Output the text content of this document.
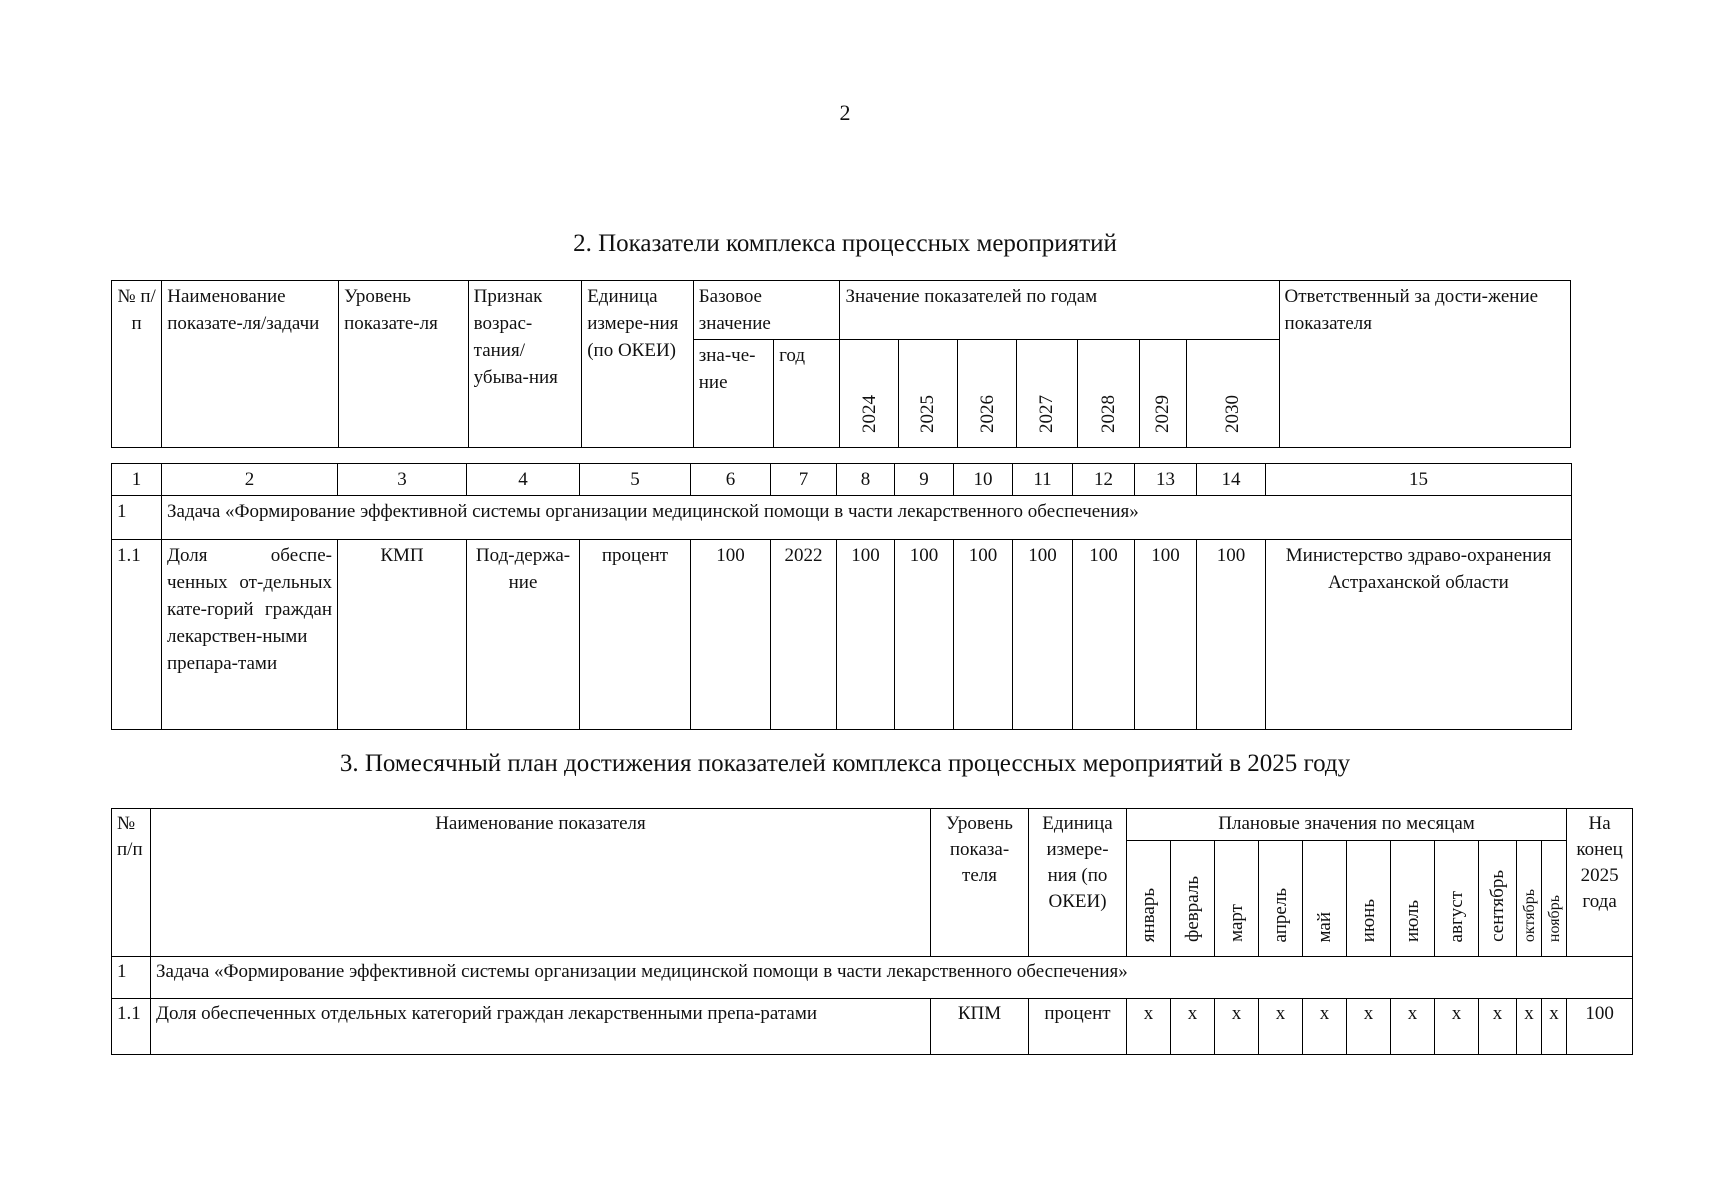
2
2. Показатели комплекса процессных мероприятий
№ п/п	Наименование показате-ля/задачи	Уровень показате-ля	Признак возрас-тания/ убыва-ния	Единица измере-ния (по ОКЕИ)	Базовое значение		Значение показателей по годам							Ответственный за дости-жение показателя
					зна-че-ние	год	2024	2025	2026	2027	2028	2029	2030	
1	2	3	4	5	6	7	8	9	10	11	12	13	14	15
1	Задача «Формирование эффективной системы организации медицинской помощи в части лекарственного обеспечения»													
1.1	Доля обеспе-ченных от-дельных кате-горий граждан лекарствен-ными препара-тами	КМП	Под-держа-ние	процент	100	2022	100	100	100	100	100	100	100	Министерство здраво-охранения Астраханской области
3. Помесячный план достижения показателей комплекса процессных мероприятий в 2025 году
№ п/п	Наименование показателя	Уровень показа-теля	Единица измере-ния (по ОКЕИ)	Плановые значения по месяцам											На конец 2025 года
				январь	февраль	март	апрель	май	июнь	июль	август	сентябрь	октябрь	ноябрь	
1	Задача «Формирование эффективной системы организации медицинской помощи в части лекарственного обеспечения»														
1.1	Доля обеспеченных отдельных категорий граждан лекарственными препа-ратами	КПМ	процент	х	х	х	х	х	х	х	х	х	х	х	100
